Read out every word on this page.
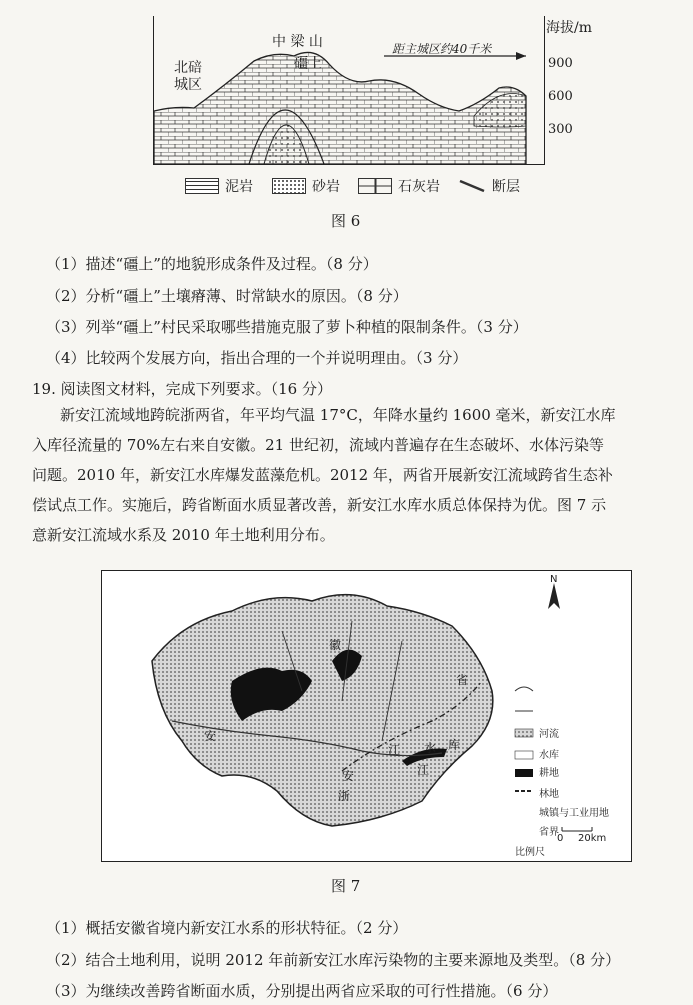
北碚城区
中 梁 山
礓上
距主城区约40千米
海拔/m
900
600
300
泥岩	砂岩	石灰岩	断层
图 6
（1）描述“礓上”的地貌形成条件及过程。（8 分）
（2）分析“礓上”土壤瘠薄、时常缺水的原因。（8 分）
（3）列举“礓上”村民采取哪些措施克服了萝卜种植的限制条件。（3 分）
（4）比较两个发展方向，指出合理的一个并说明理由。（3 分）
19. 阅读图文材料，完成下列要求。（16 分）
新安江流域地跨皖浙两省，年平均气温 17°C，年降水量约 1600 毫米，新安江水库
入库径流量的 70%左右来自安徽。21 世纪初，流域内普遍存在生态破坏、水体污染等
问题。2010 年，新安江水库爆发蓝藻危机。2012 年，两省开展新安江流域跨省生态补
偿试点工作。实施后，跨省断面水质显著改善，新安江水库水质总体保持为优。图 7 示
意新安江流域水系及 2010 年土地利用分布。
N
徽
省
安
江 水 库
安
浙
江
河流
水库
耕地
林地
城镇与工业用地
省界
比例尺
0 20km
图 7
（1）概括安徽省境内新安江水系的形状特征。（2 分）
（2）结合土地利用，说明 2012 年前新安江水库污染物的主要来源地及类型。（8 分）
（3）为继续改善跨省断面水质，分别提出两省应采取的可行性措施。（6 分）
